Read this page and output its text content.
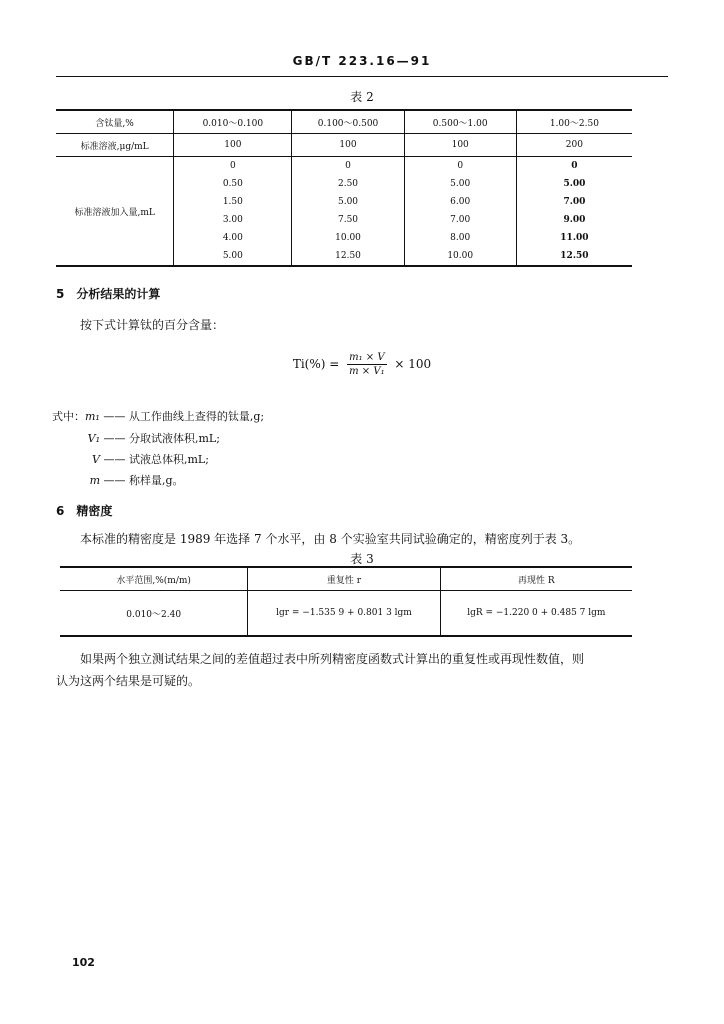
GB/T 223.16—91
表 2
含钛量,%	0.010～0.100	0.100～0.500	0.500～1.00	1.00～2.50
标准溶液,μg/mL	100	100	100	200
标准溶液加入量,mL	0	0	0	0
	0.50	2.50	5.00	5.00
	1.50	5.00	6.00	7.00
	3.00	7.50	7.00	9.00
	4.00	10.00	8.00	11.00
	5.00	12.50	10.00	12.50
5　分析结果的计算
按下式计算钛的百分含量：
$Ti(\%) = \frac{\text{m₁ × V}}{\text{m × V₁}} \times 100$
式中：m₁ —— 从工作曲线上查得的钛量,g;
V₁ —— 分取试液体积,mL;
V —— 试液总体积,mL;
m —— 称样量,g。
6　精密度
本标准的精密度是 1989 年选择 7 个水平，由 8 个实验室共同试验确定的，精密度列于表 3。
表 3
水平范围,%(m/m)	重复性 r	再现性 R
0.010～2.40	lgr = −1.535 9 + 0.801 3 lgm	lgR = −1.220 0 + 0.485 7 lgm
如果两个独立测试结果之间的差值超过表中所列精密度函数式计算出的重复性或再现性数值，则
认为这两个结果是可疑的。
102
